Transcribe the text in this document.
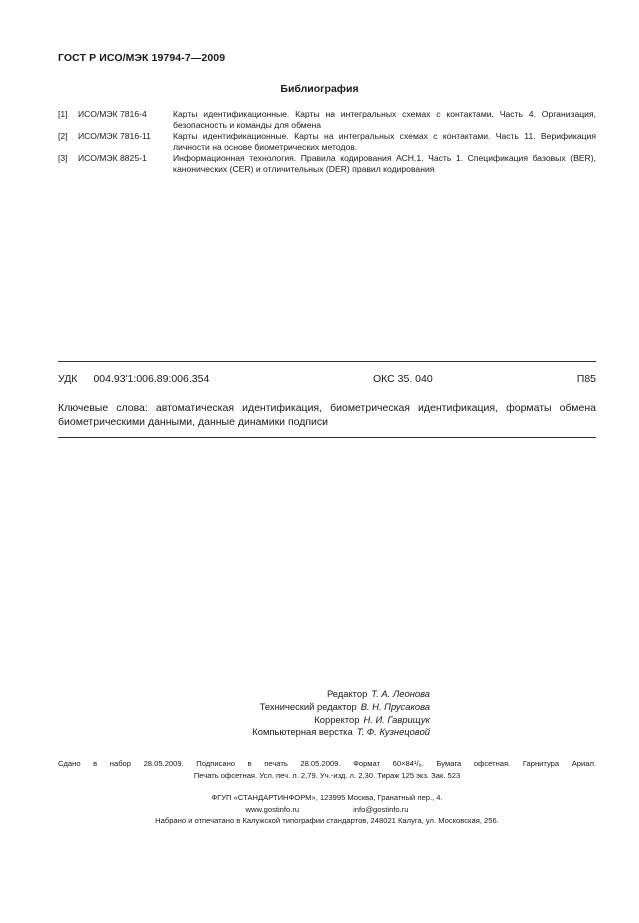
ГОСТ Р ИСО/МЭК 19794-7—2009
Библиография
[1]	ИСО/МЭК 7816-4	Карты идентификационные. Карты на интегральных схемах с контактами. Часть 4. Организация, безопасность и команды для обмена
[2]	ИСО/МЭК 7816-11	Карты идентификационные. Карты на интегральных схемах с контактами. Часть 11. Верификация личности на основе биометрических методов.
[3]	ИСО/МЭК 8825-1	Информационная технология. Правила кодирования АСН.1. Часть 1. Спецификация базовых (BER), канонических (CER) и отличительных (DER) правил кодирования
УДК 004.93'1:006.89:006.354	ОКС 35. 040	П85
Ключевые слова: автоматическая идентификация, биометрическая идентификация, форматы обмена биометрическими данными, данные динамики подписи
Редактор Т. А. Леонова
Технический редактор В. Н. Прусакова
Корректор Н. И. Гаврищук
Компьютерная верстка Т. Ф. Кузнецовой
Сдано в набор 28.05.2009. Подписано в печать 28.05.2009. Формат 60×84¹/₈. Бумага офсетная. Гарнитура Ариал.
Печать офсетная. Усл. печ. л. 2,79. Уч.-изд. л. 2,30. Тираж 125 экз. Зак. 523
ФГУП «СТАНДАРТИНФОРМ», 123995 Москва, Гранатный пер., 4.
www.gostinfo.ru	info@gostinfo.ru
Набрано и отпечатано в Калужской типографии стандартов, 248021 Калуга, ул. Московская, 256.
